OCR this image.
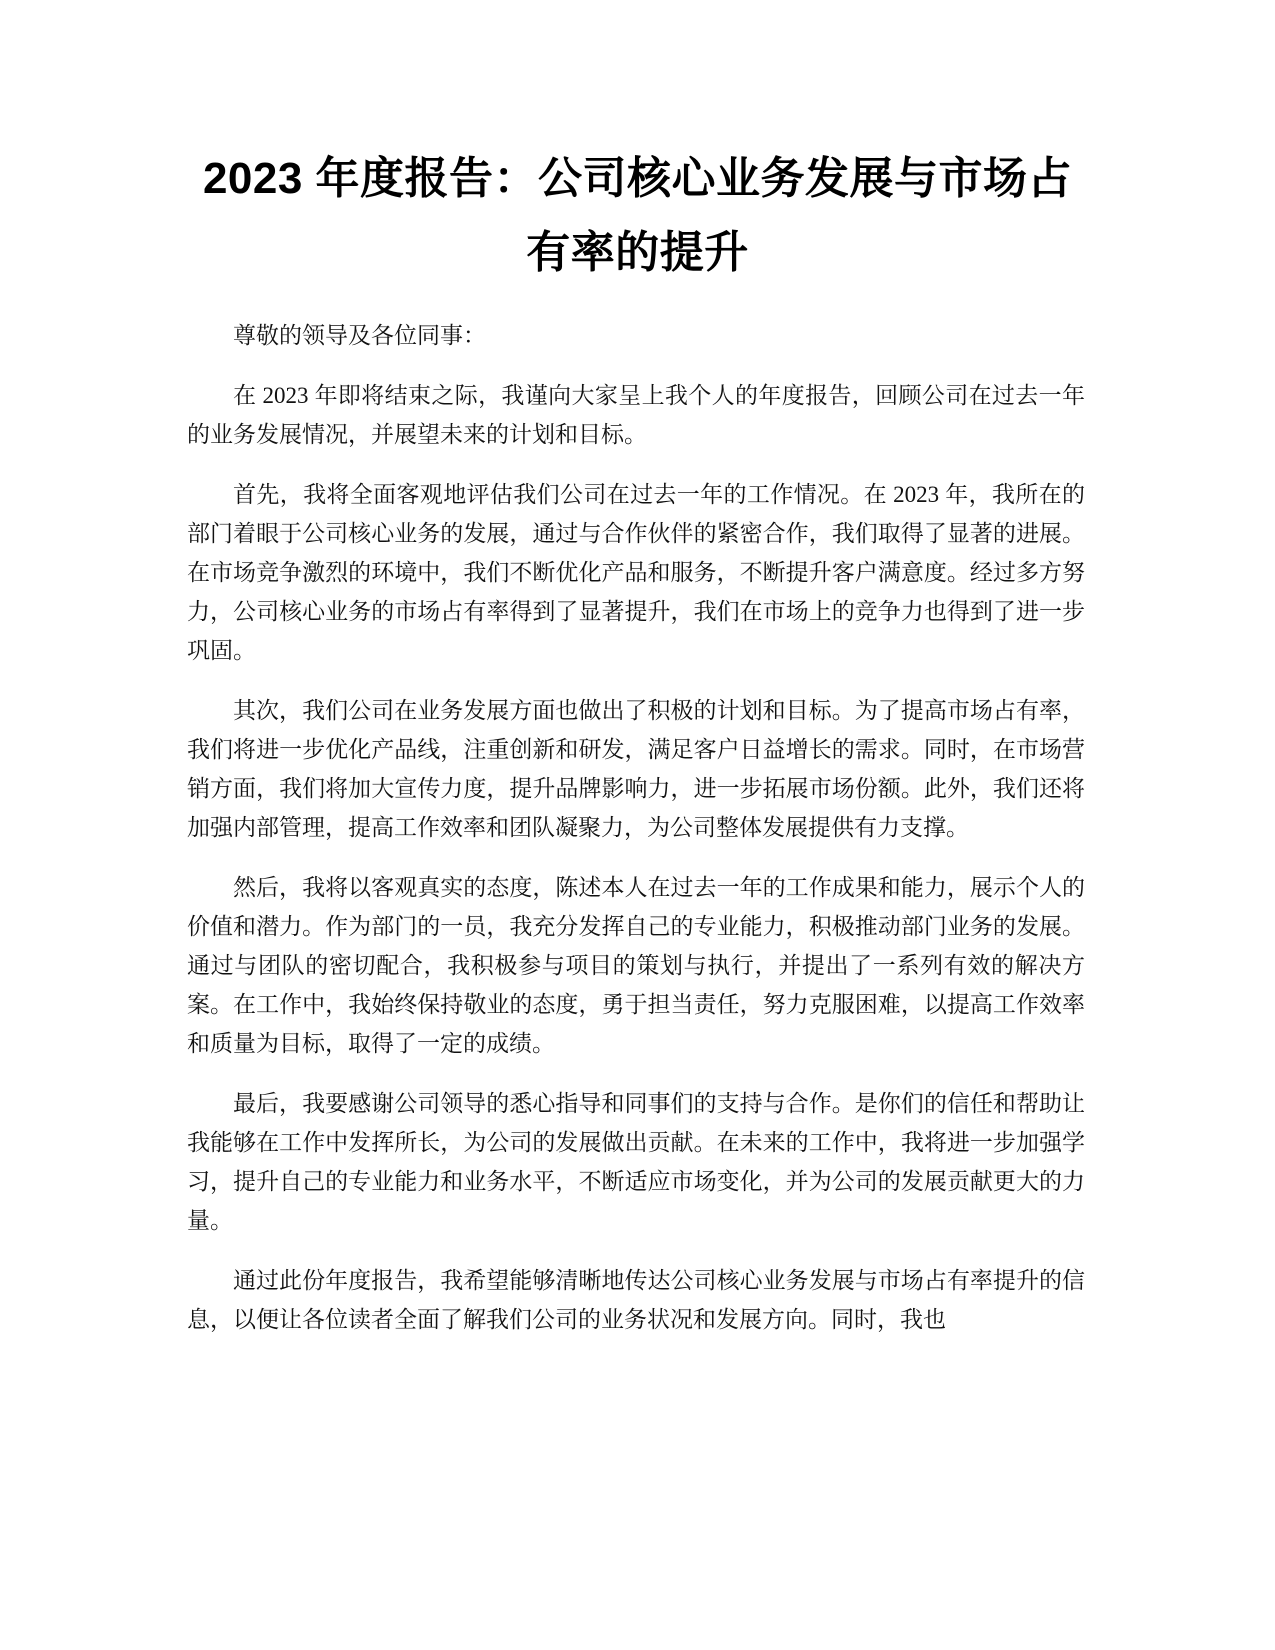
2023 年度报告：公司核心业务发展与市场占
有率的提升

尊敬的领导及各位同事：

在 2023 年即将结束之际，我谨向大家呈上我个人的年度报告，回顾公司在过去一年的业务发展情况，并展望未来的计划和目标。

首先，我将全面客观地评估我们公司在过去一年的工作情况。在 2023 年，我所在的部门着眼于公司核心业务的发展，通过与合作伙伴的紧密合作，我们取得了显著的进展。在市场竞争激烈的环境中，我们不断优化产品和服务，不断提升客户满意度。经过多方努力，公司核心业务的市场占有率得到了显著提升，我们在市场上的竞争力也得到了进一步巩固。

其次，我们公司在业务发展方面也做出了积极的计划和目标。为了提高市场占有率，我们将进一步优化产品线，注重创新和研发，满足客户日益增长的需求。同时，在市场营销方面，我们将加大宣传力度，提升品牌影响力，进一步拓展市场份额。此外，我们还将加强内部管理，提高工作效率和团队凝聚力，为公司整体发展提供有力支撑。

然后，我将以客观真实的态度，陈述本人在过去一年的工作成果和能力，展示个人的价值和潜力。作为部门的一员，我充分发挥自己的专业能力，积极推动部门业务的发展。通过与团队的密切配合，我积极参与项目的策划与执行，并提出了一系列有效的解决方案。在工作中，我始终保持敬业的态度，勇于担当责任，努力克服困难，以提高工作效率和质量为目标，取得了一定的成绩。

最后，我要感谢公司领导的悉心指导和同事们的支持与合作。是你们的信任和帮助让我能够在工作中发挥所长，为公司的发展做出贡献。在未来的工作中，我将进一步加强学习，提升自己的专业能力和业务水平，不断适应市场变化，并为公司的发展贡献更大的力量。

通过此份年度报告，我希望能够清晰地传达公司核心业务发展与市场占有率提升的信息，以便让各位读者全面了解我们公司的业务状况和发展方向。同时，我也
